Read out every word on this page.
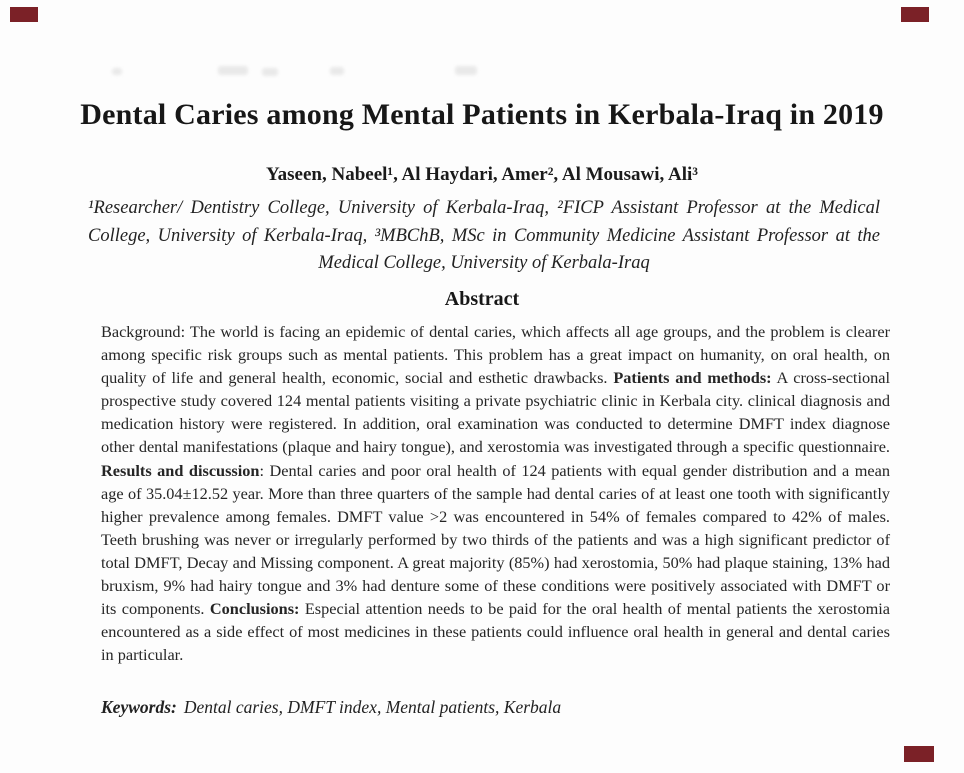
Dental Caries among Mental Patients in Kerbala-Iraq in 2019
Yaseen, Nabeel¹, Al Haydari, Amer², Al Mousawi, Ali³
¹Researcher/ Dentistry College, University of Kerbala-Iraq, ²FICP Assistant Professor at the Medical College, University of Kerbala-Iraq, ³MBChB, MSc in Community Medicine Assistant Professor at the Medical College, University of Kerbala-Iraq
Abstract
Background: The world is facing an epidemic of dental caries, which affects all age groups, and the problem is clearer among specific risk groups such as mental patients. This problem has a great impact on humanity, on oral health, on quality of life and general health, economic, social and esthetic drawbacks. Patients and methods: A cross-sectional prospective study covered 124 mental patients visiting a private psychiatric clinic in Kerbala city. clinical diagnosis and medication history were registered. In addition, oral examination was conducted to determine DMFT index diagnose other dental manifestations (plaque and hairy tongue), and xerostomia was investigated through a specific questionnaire. Results and discussion: Dental caries and poor oral health of 124 patients with equal gender distribution and a mean age of 35.04±12.52 year. More than three quarters of the sample had dental caries of at least one tooth with significantly higher prevalence among females. DMFT value >2 was encountered in 54% of females compared to 42% of males. Teeth brushing was never or irregularly performed by two thirds of the patients and was a high significant predictor of total DMFT, Decay and Missing component. A great majority (85%) had xerostomia, 50% had plaque staining, 13% had bruxism, 9% had hairy tongue and 3% had denture some of these conditions were positively associated with DMFT or its components. Conclusions: Especial attention needs to be paid for the oral health of mental patients the xerostomia encountered as a side effect of most medicines in these patients could influence oral health in general and dental caries in particular.
Keywords: Dental caries, DMFT index, Mental patients, Kerbala
